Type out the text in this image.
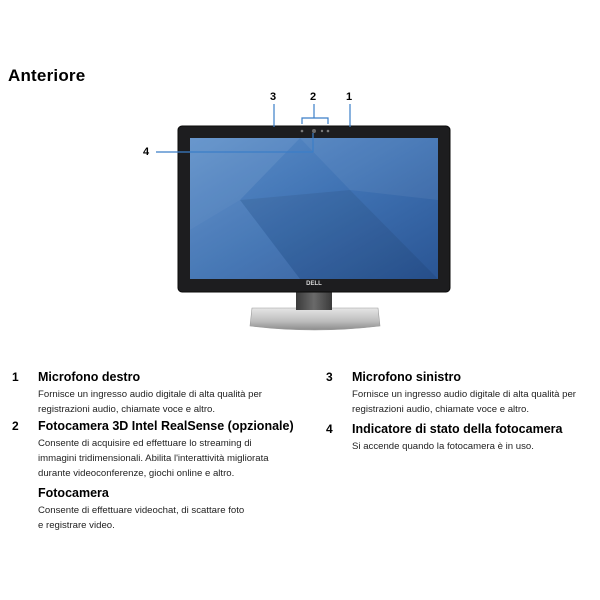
Anteriore
DELL
3	2	1
4
1 Microfono destro
Fornisce un ingresso audio digitale di alta qualità per
registrazioni audio, chiamate voce e altro.
2 Fotocamera 3D Intel RealSense (opzionale)
Consente di acquisire ed effettuare lo streaming di
immagini tridimensionali. Abilita l'interattività migliorata
durante videoconferenze, giochi online e altro.
Fotocamera
Consente di effettuare videochat, di scattare foto
e registrare video.
3 Microfono sinistro
Fornisce un ingresso audio digitale di alta qualità per
registrazioni audio, chiamate voce e altro.
4 Indicatore di stato della fotocamera
Si accende quando la fotocamera è in uso.
